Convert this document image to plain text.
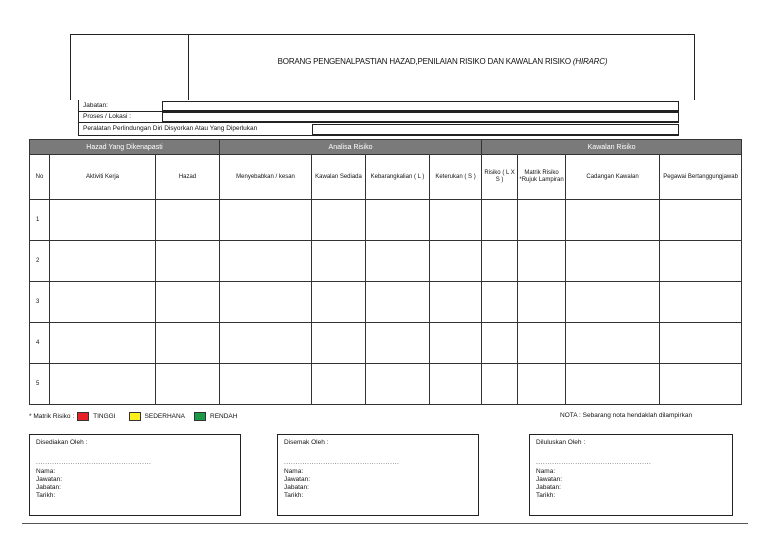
BORANG PENGENALPASTIAN HAZAD,PENILAIAN RISIKO DAN KAWALAN RISIKO (HIRARC)
Jabatan:
Proses / Lokasi :
Peralatan Perlindungan Diri Disyorkan Atau Yang Diperlukan
Hazad Yang Dikenapasti			Analisa Risiko				Kawalan Risiko			
No	Aktiviti Kerja	Hazad	Menyebabkan / kesan	Kawalan Sediada	Kebarangkalian ( L )	Keterukan ( S )	Risiko ( L X S )	Matrik Risiko *Rujuk Lampiran	Cadangan Kawalan	Pegawai Bertanggungjawab
1										
2										
3										
4										
5										
* Matrik Risiko :	TINGGI	SEDERHANA	RENDAH	NOTA : Sebarang nota hendaklah dilampirkan
Disediakan Oleh :
..................................................
Nama:
Jawatan:
Jabatan:
Tarikh:
Disemak Oleh :
..................................................
Nama:
Jawatan:
Jabatan:
Tarikh:
Diluluskan Oleh :
..................................................
Nama:
Jawatan:
Jabatan:
Tarikh:
